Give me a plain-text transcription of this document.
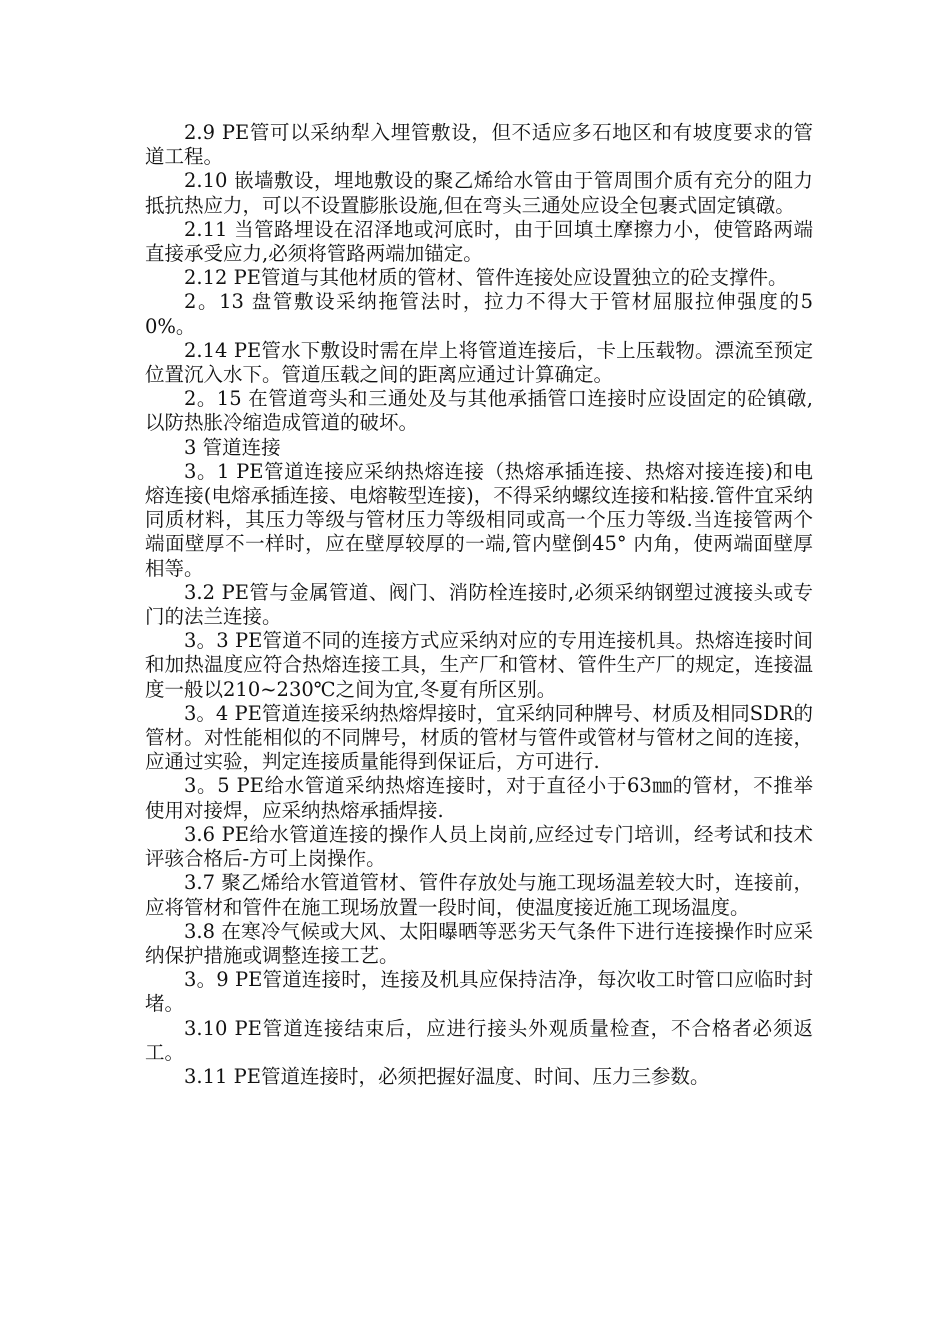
2.9 PE管可以采纳犁入埋管敷设，但不适应多石地区和有坡度要求的管道工程。

2.10 嵌墙敷设，埋地敷设的聚乙烯给水管由于管周围介质有充分的阻力抵抗热应力，可以不设置膨胀设施,但在弯头三通处应设全包裹式固定镇礅。

2.11 当管路埋设在沼泽地或河底时，由于回填土摩擦力小，使管路两端直接承受应力,必须将管路两端加锚定。

2.12 PE管道与其他材质的管材、管件连接处应设置独立的砼支撑件。

2。13 盘管敷设采纳拖管法时，拉力不得大于管材屈服拉伸强度的50%。

2.14 PE管水下敷设时需在岸上将管道连接后，卡上压载物。漂流至预定位置沉入水下。管道压载之间的距离应通过计算确定。

2。15 在管道弯头和三通处及与其他承插管口连接时应设固定的砼镇礅,以防热胀冷缩造成管道的破坏。

3 管道连接

3。1 PE管道连接应采纳热熔连接（热熔承插连接、热熔对接连接)和电熔连接(电熔承插连接、电熔鞍型连接)，不得采纳螺纹连接和粘接.管件宜采纳同质材料，其压力等级与管材压力等级相同或高一个压力等级.当连接管两个端面壁厚不一样时，应在壁厚较厚的一端,管内壁倒45° 内角，使两端面壁厚相等。

3.2 PE管与金属管道、阀门、消防栓连接时,必须采纳钢塑过渡接头或专门的法兰连接。

3。3 PE管道不同的连接方式应采纳对应的专用连接机具。热熔连接时间和加热温度应符合热熔连接工具，生产厂和管材、管件生产厂的规定，连接温度一般以210~230℃之间为宜,冬夏有所区别。

3。4 PE管道连接采纳热熔焊接时，宜采纳同种牌号、材质及相同SDR的管材。对性能相似的不同牌号，材质的管材与管件或管材与管材之间的连接，应通过实验，判定连接质量能得到保证后，方可进行.

3。5 PE给水管道采纳热熔连接时，对于直径小于63㎜的管材，不推举使用对接焊，应采纳热熔承插焊接.

3.6 PE给水管道连接的操作人员上岗前,应经过专门培训，经考试和技术评骇合格后-方可上岗操作。

3.7 聚乙烯给水管道管材、管件存放处与施工现场温差较大时，连接前，应将管材和管件在施工现场放置一段时间，使温度接近施工现场温度。

3.8 在寒冷气候或大风、太阳曝晒等恶劣天气条件下进行连接操作时应采纳保护措施或调整连接工艺。

3。9 PE管道连接时，连接及机具应保持洁净，每次收工时管口应临时封堵。

3.10 PE管道连接结束后，应进行接头外观质量检查，不合格者必须返工。

3.11 PE管道连接时，必须把握好温度、时间、压力三参数。
